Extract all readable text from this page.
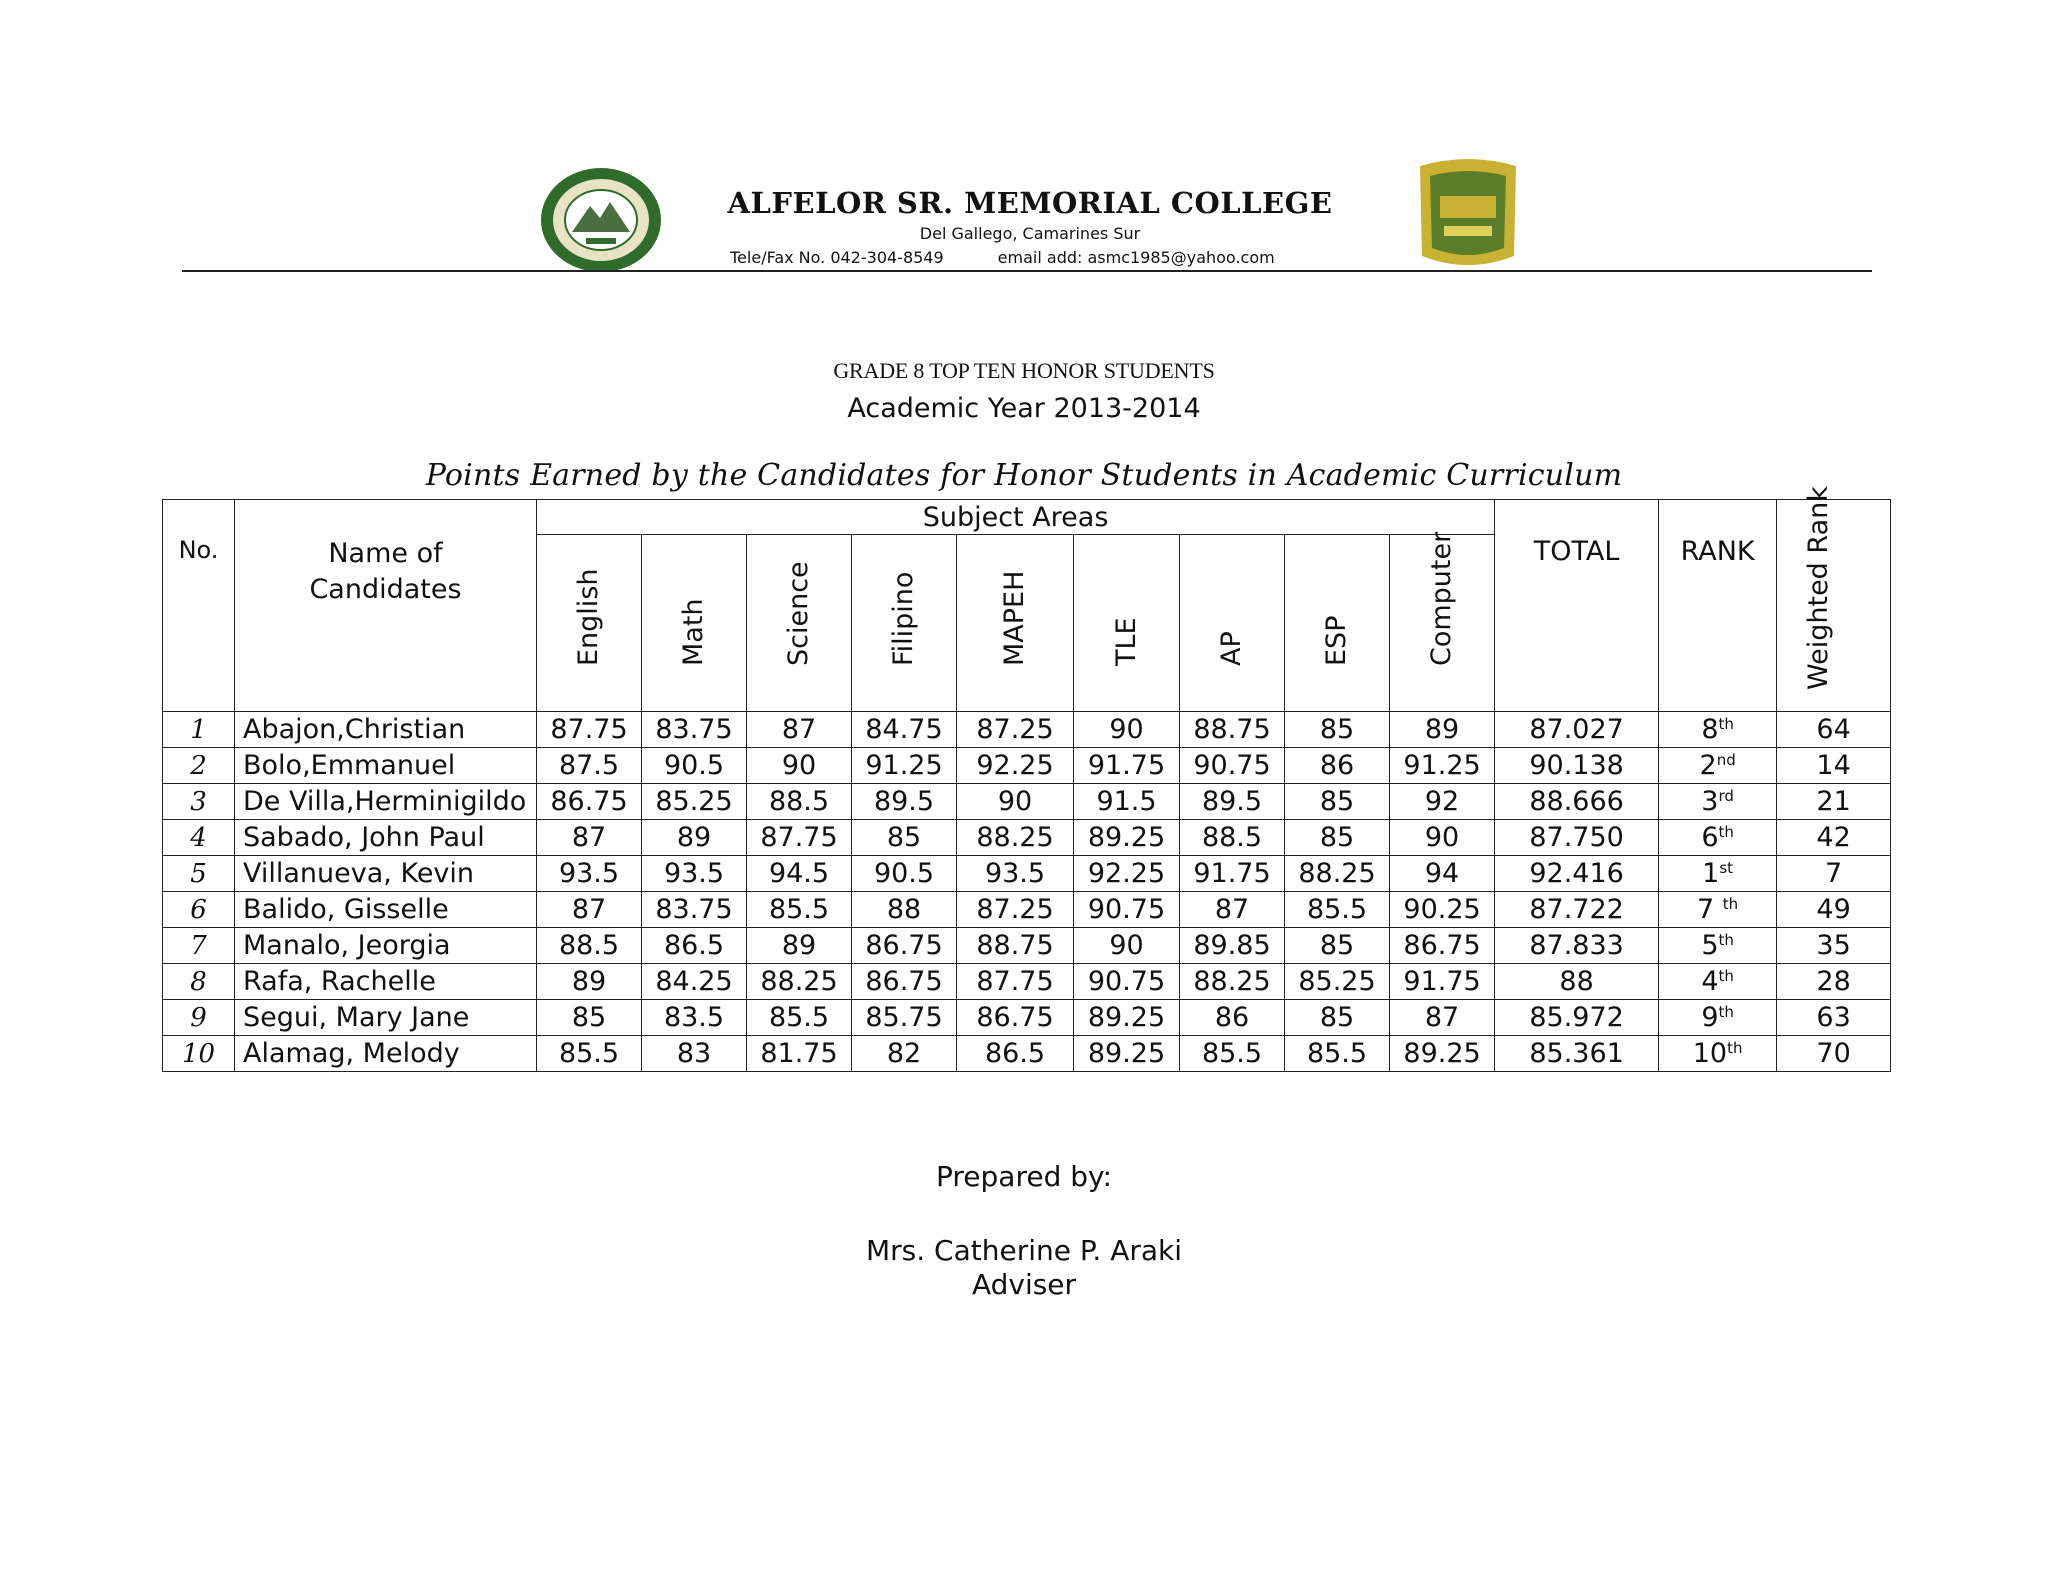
ALFELOR SR. MEMORIAL COLLEGE
Del Gallego, Camarines Sur
Tele/Fax No. 042-304-8549	email add: asmc1985@yahoo.com
GRADE 8 TOP TEN HONOR STUDENTS
Academic Year 2013-2014
Points Earned by the Candidates for Honor Students in Academic Curriculum
No.	Name of Candidates	Subject Areas									TOTAL	RANK	Weighted Rank

		English	Math	Science	Filipino	MAPEH	TLE	AP	ESP	Computer			

1	Abajon,Christian	87.75	83.75	87	84.75	87.25	90	88.75	85	89	87.027	8th	64
2	Bolo,Emmanuel	87.5	90.5	90	91.25	92.25	91.75	90.75	86	91.25	90.138	2nd	14
3	De Villa,Herminigildo	86.75	85.25	88.5	89.5	90	91.5	89.5	85	92	88.666	3rd	21
4	Sabado, John Paul	87	89	87.75	85	88.25	89.25	88.5	85	90	87.750	6th	42
5	Villanueva, Kevin	93.5	93.5	94.5	90.5	93.5	92.25	91.75	88.25	94	92.416	1st	7
6	Balido, Gisselle	87	83.75	85.5	88	87.25	90.75	87	85.5	90.25	87.722	7 $^{th}$	49
7	Manalo, Jeorgia	88.5	86.5	89	86.75	88.75	90	89.85	85	86.75	87.833	5th	35
8	Rafa, Rachelle	89	84.25	88.25	86.75	87.75	90.75	88.25	85.25	91.75	88	4th	28
9	Segui, Mary Jane	85	83.5	85.5	85.75	86.75	89.25	86	85	87	85.972	9th	63
10	Alamag, Melody	85.5	83	81.75	82	86.5	89.25	85.5	85.5	89.25	85.361	10th	70
Prepared by:
Mrs. Catherine P. Araki
Adviser
